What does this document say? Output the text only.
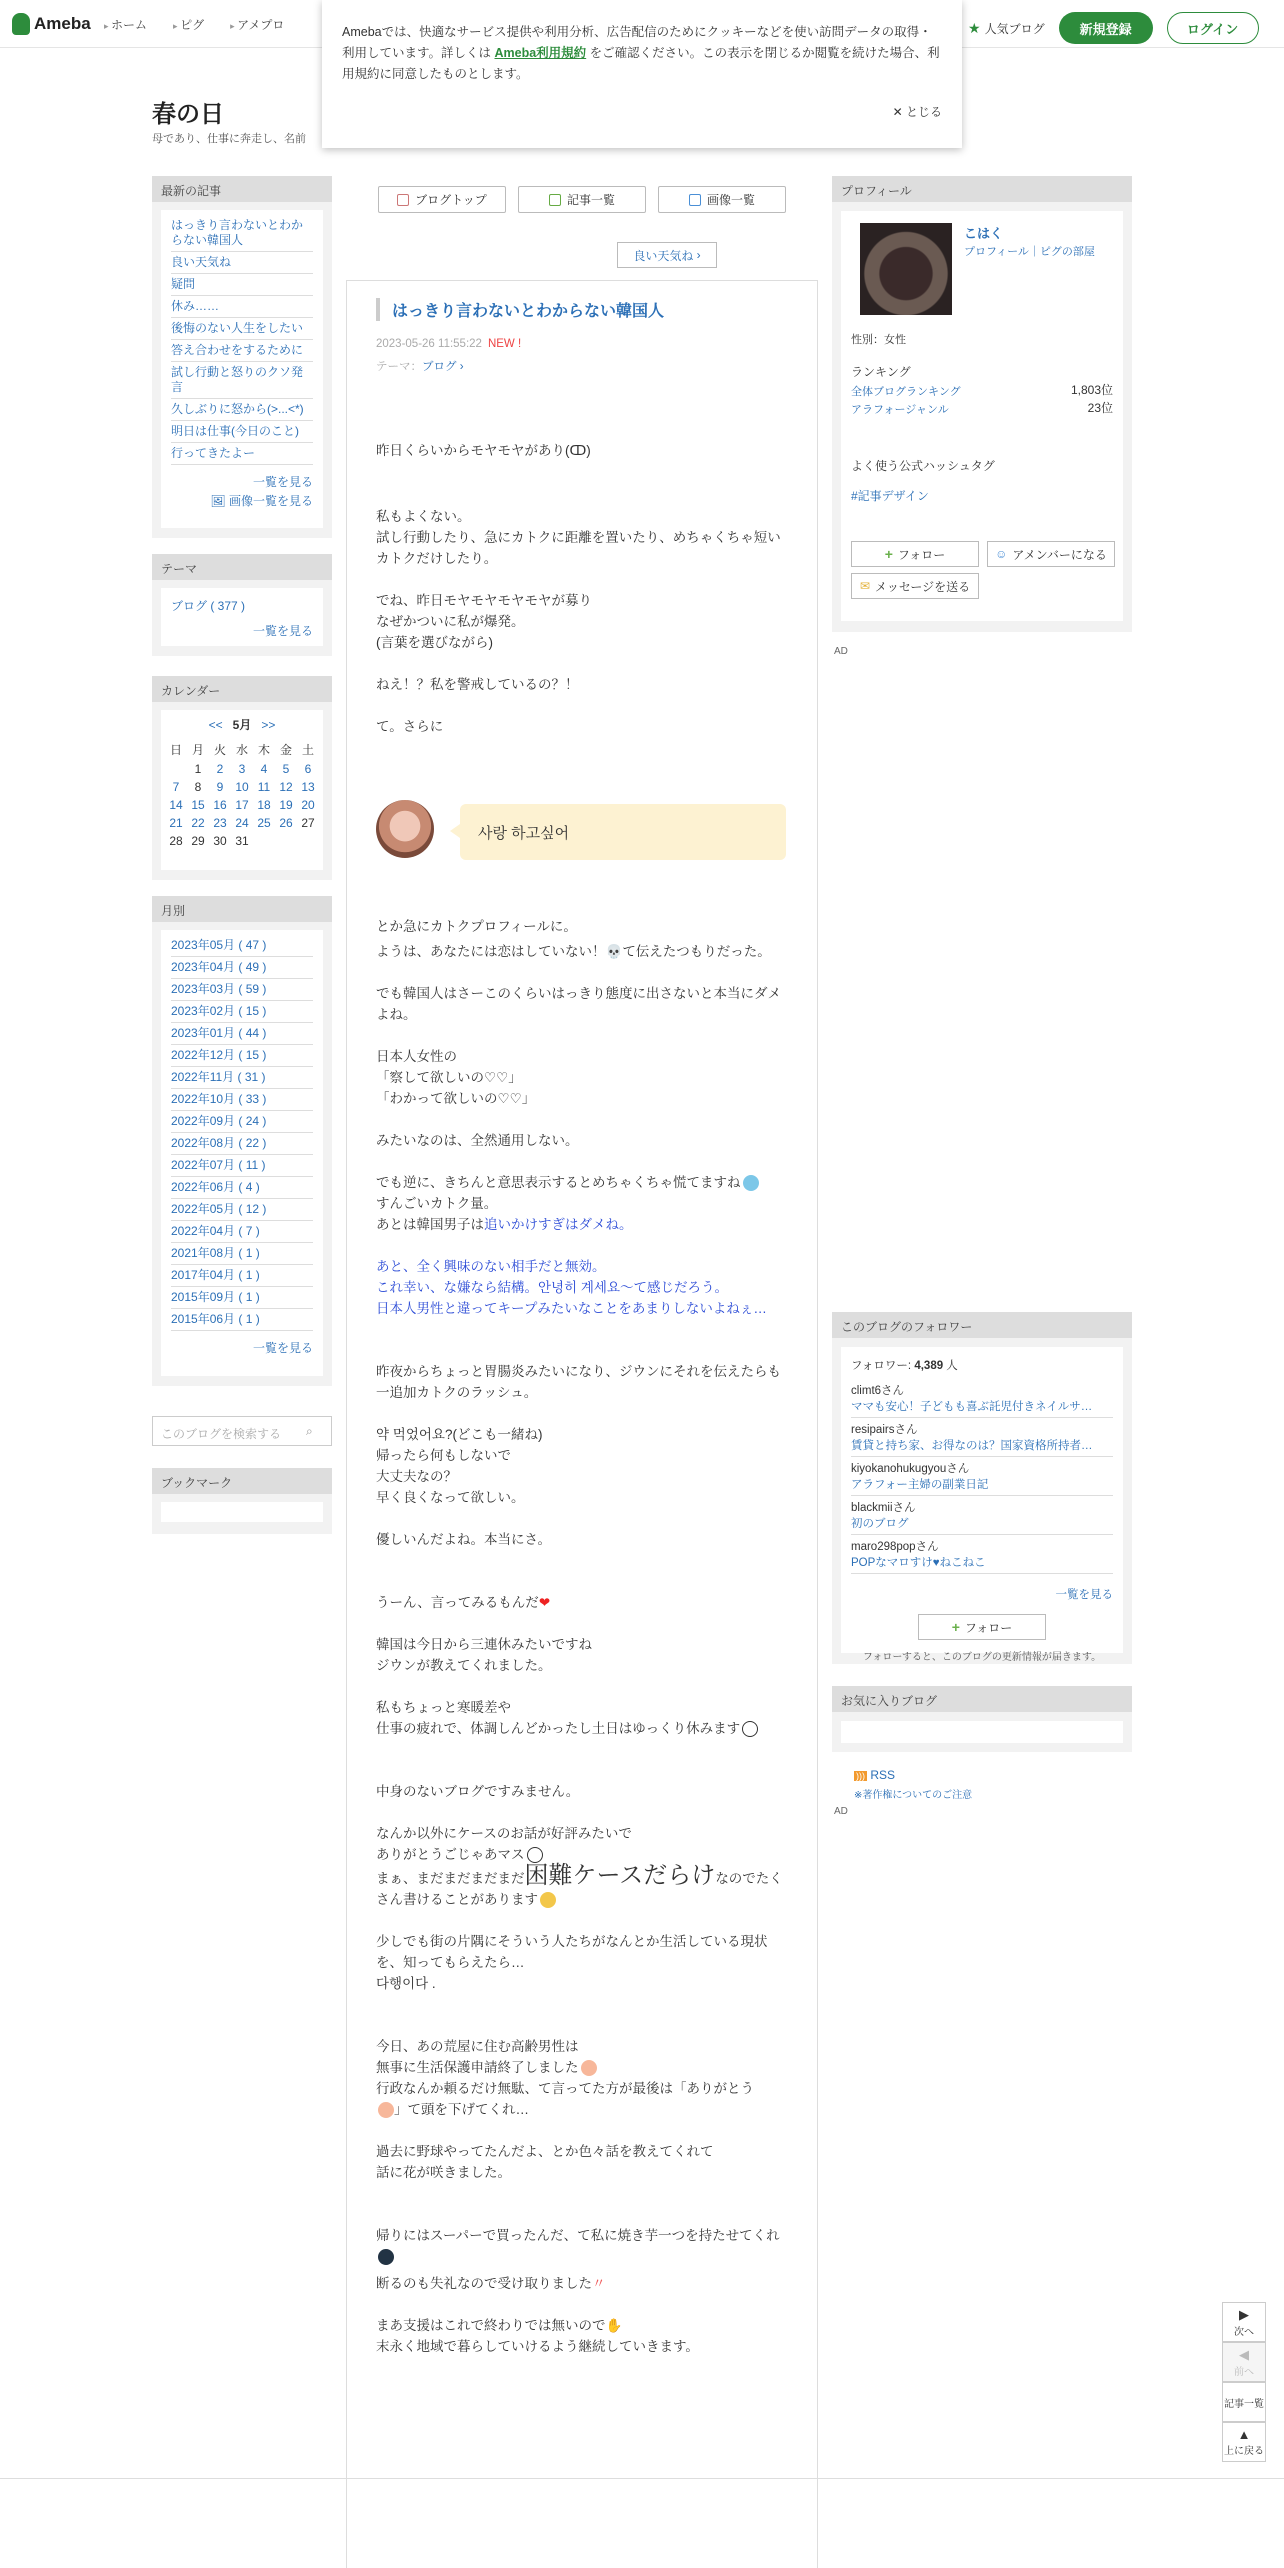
Ameba	▸ ホーム	▸ ピグ	▸ アメプロ	★ 人気ブログ	新規登録	ログイン
Amebaでは、快適なサービス提供や利用分析、広告配信のためにクッキーなどを使い訪問データの取得・利用しています。詳しくは Ameba利用規約 をご確認ください。この表示を閉じるか閲覧を続けた場合、利用規約に同意したものとします。
✕ とじる
春の日
母であり、仕事に奔走し、名前
最新の記事
はっきり言わないとわからない韓国人
良い天気ね
疑問
休み……
後悔のない人生をしたい
答え合わせをするために
試し行動と怒りのクソ発言
久しぶりに怒から(>...<*)
明日は仕事(今日のこと)
行ってきたよー
一覧を見る
🖼 画像一覧を見る
テーマ
ブログ ( 377 )
一覧を見る
カレンダー
<< 5月 >>
日	月	火	水	木	金	土
	1	2	3	4	5	6
7	8	9	10	11	12	13
14	15	16	17	18	19	20
21	22	23	24	25	26	27
28	29	30	31			
月別
2023年05月 ( 47 )
2023年04月 ( 49 )
2023年03月 ( 59 )
2023年02月 ( 15 )
2023年01月 ( 44 )
2022年12月 ( 15 )
2022年11月 ( 31 )
2022年10月 ( 33 )
2022年09月 ( 24 )
2022年08月 ( 22 )
2022年07月 ( 11 )
2022年06月 ( 4 )
2022年05月 ( 12 )
2022年04月 ( 7 )
2021年08月 ( 1 )
2017年04月 ( 1 )
2015年09月 ( 1 )
2015年06月 ( 1 )
一覧を見る
このブログを検索する	⌕
ブックマーク
ブログトップ	記事一覧	画像一覧
良い天気ね
›
はっきり言わないとわからない韓国人
2023-05-26 11:55:22 NEW !
テーマ：ブログ ›

昨日くらいからモヤモヤがあり(ↀ)

私もよくない。

試し行動したり、急にカトクに距離を置いたり、めちゃくちゃ短いカトクだけしたり。

でね、昨日モヤモヤモヤモヤが募り

なぜかついに私が爆発。

(言葉を選びながら)

ねえ！？私を警戒しているの？！

て。さらに

사랑 하고싶어

とか急にカトクプロフィールに。

ようは、あなたには恋はしていない！💀て伝えたつもりだった。

でも韓国人はさーこのくらいはっきり態度に出さないと本当にダメよね。

日本人女性の

「察して欲しいの♡♡」

「わかって欲しいの♡♡」

みたいなのは、全然通用しない。

でも逆に、きちんと意思表示するとめちゃくちゃ慌てますね

すんごいカトク量。

あとは韓国男子は追いかけすぎはダメね。

あと、全く興味のない相手だと無効。

これ幸い、な嫌なら結構。안녕히 계세요〜て感じだろう。

日本人男性と違ってキープみたいなことをあまりしないよねぇ…

昨夜からちょっと胃腸炎みたいになり、ジウンにそれを伝えたらも一追加カトクのラッシュ。

약 먹었어요?(どこも一緒ね)

帰ったら何もしないで

大丈夫なの？

早く良くなって欲しい。

優しいんだよね。本当にさ。

うーん、言ってみるもんだ❤

韓国は今日から三連休みたいですね

ジウンが教えてくれました。

私もちょっと寒暖差や

仕事の疲れで、体調しんどかったし土日はゆっくり休みます

中身のないブログですみません。

なんか以外にケースのお話が好評みたいで

ありがとうごじゃあマス

まぁ、まだまだまだまだ困難ケースだらけなのでたくさん書けることがあります

少しでも街の片隅にそういう人たちがなんとか生活している現状を、知ってもらえたら…

다행이다 .

今日、あの荒屋に住む高齢男性は

無事に生活保護申請終了しました

行政なんか頼るだけ無駄、て言ってた方が最後は「ありがとう

」て頭を下げてくれ…

過去に野球やってたんだよ、とか色々話を教えてくれて

話に花が咲きました。

帰りにはスーパーで買ったんだ、て私に焼き芋一つを持たせてくれ

断るのも失礼なので受け取りました〃

まあ支援はこれで終わりでは無いので✋

末永く地域で暮らしていけるよう継続していきます。

プロフィール
こはく
プロフィール｜ピグの部屋
性別：女性
ランキング
全体ブログランキング	1,803位
アラフォージャンル	23位
よく使う公式ハッシュタグ
#記事デザイン
+ フォロー	☺ アメンバーになる
✉ メッセージを送る
AD
このブログのフォロワー
フォロワー: 4,389 人
climt6さん
ママも安心！子どもも喜ぶ託児付きネイルサ…
resipairsさん
賃貸と持ち家、お得なのは？国家資格所持者…
kiyokanohukugyouさん
アラフォー主婦の副業日記
blackmiiさん
初のブログ
maro298popさん
POPなマロすけ♥ねこねこ
一覧を見る
+ フォロー
フォローすると、このブログの更新情報が届きます。
お気に入りブログ
))) RSS
※著作権についてのご注意
AD
▶
次へ
◀
前へ
記事一覧
▲
上に戻る
